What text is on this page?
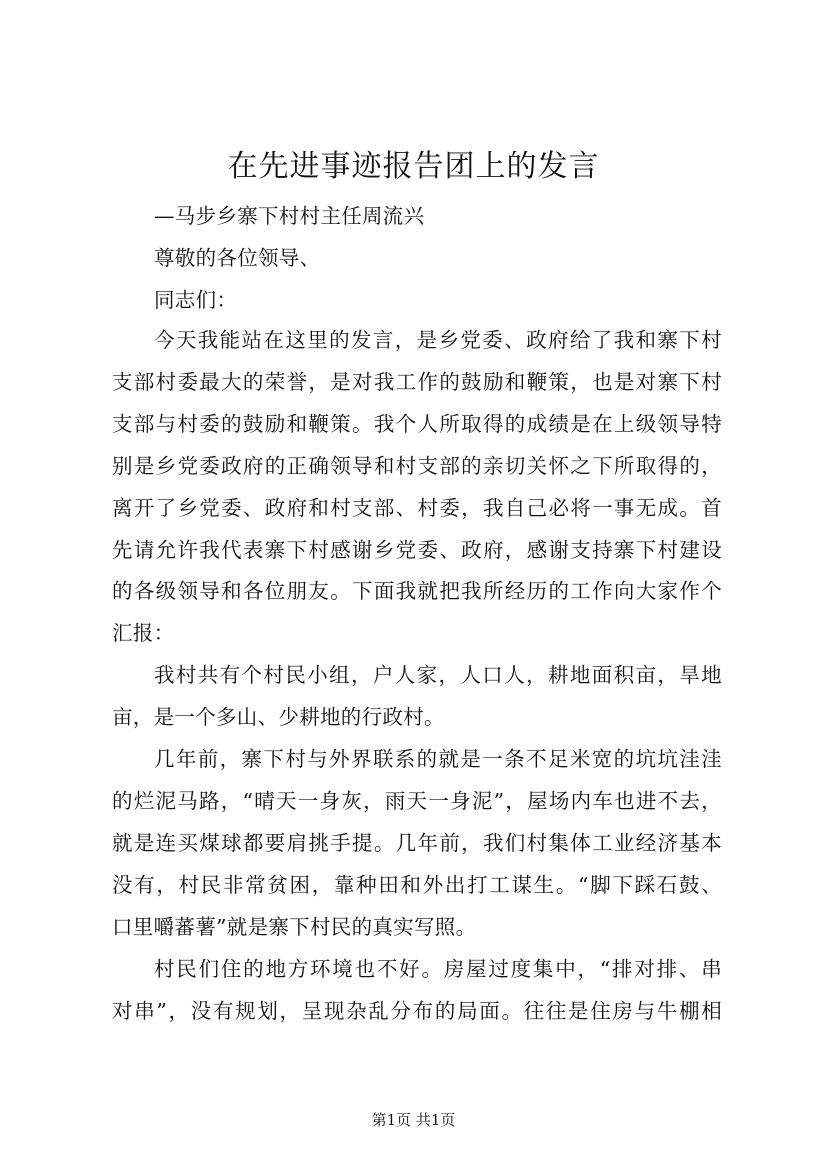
在先进事迹报告团上的发言
—马步乡寨下村村主任周流兴
尊敬的各位领导、
同志们：
今天我能站在这里的发言，是乡党委、政府给了我和寨下村
支部村委最大的荣誉，是对我工作的鼓励和鞭策，也是对寨下村
支部与村委的鼓励和鞭策。我个人所取得的成绩是在上级领导特
别是乡党委政府的正确领导和村支部的亲切关怀之下所取得的，
离开了乡党委、政府和村支部、村委，我自己必将一事无成。首
先请允许我代表寨下村感谢乡党委、政府，感谢支持寨下村建设
的各级领导和各位朋友。下面我就把我所经历的工作向大家作个
汇报：
我村共有个村民小组，户人家，人口人，耕地面积亩，旱地
亩，是一个多山、少耕地的行政村。
几年前，寨下村与外界联系的就是一条不足米宽的坑坑洼洼
的烂泥马路，“晴天一身灰，雨天一身泥”，屋场内车也进不去，
就是连买煤球都要肩挑手提。几年前，我们村集体工业经济基本
没有，村民非常贫困，靠种田和外出打工谋生。“脚下踩石鼓、
口里嚼蕃薯”就是寨下村民的真实写照。
村民们住的地方环境也不好。房屋过度集中，“排对排、串
对串”，没有规划，呈现杂乱分布的局面。往往是住房与牛棚相
第1页 共1页
